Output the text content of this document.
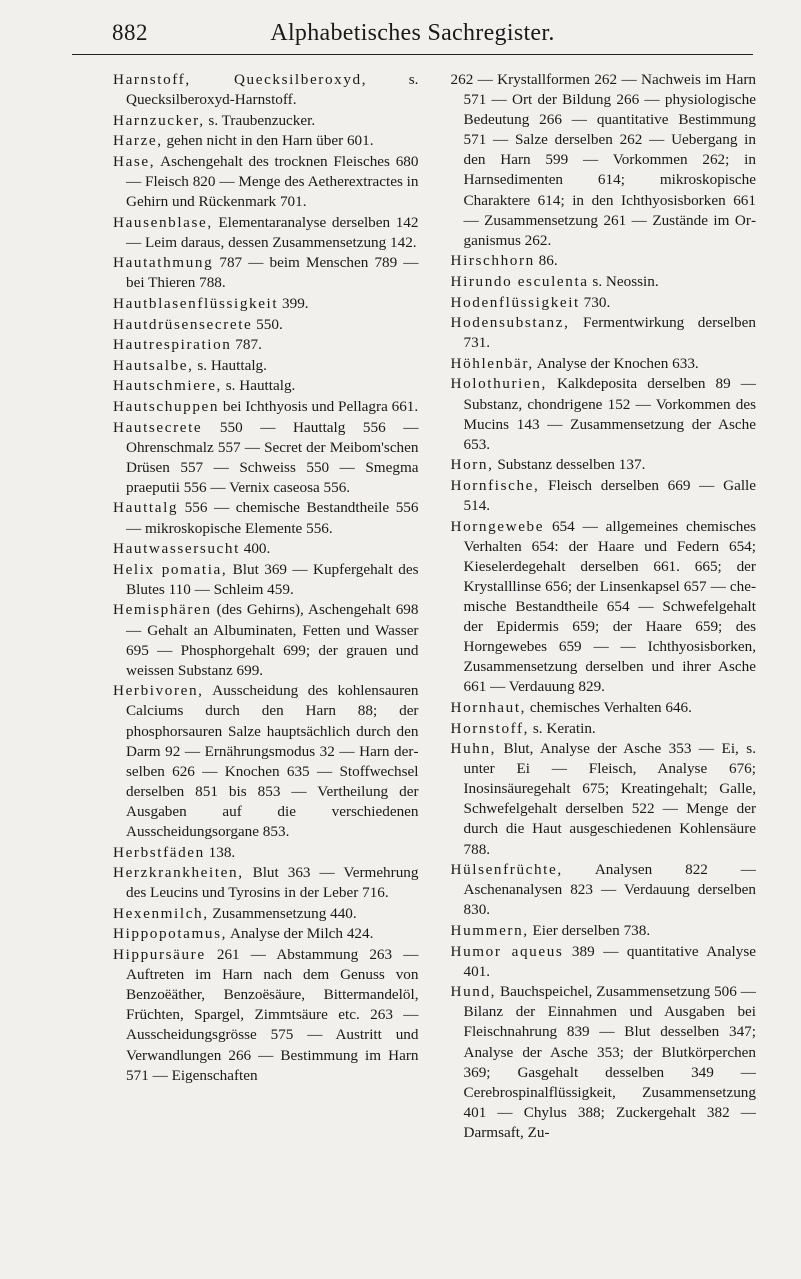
882	Alphabetisches Sachregister.

Harnstoff, Quecksilberoxyd, s. Quecksilberoxyd-Harnstoff.

Harnzucker, s. Traubenzucker.

Harze, gehen nicht in den Harn über 601.

Hase, Aschengehalt des trocknen Fleisches 680 — Fleisch 820 — Menge des Aetherextractes in Gehirn und Rückenmark 701.

Hausenblase, Elementaranalyse derselben 142 — Leim daraus, dessen Zusammensetzung 142.

Hautathmung 787 — beim Menschen 789 — bei Thieren 788.

Hautblasenflüssigkeit 399.

Hautdrüsensecrete 550.

Hautrespiration 787.

Hautsalbe, s. Hauttalg.

Hautschmiere, s. Hauttalg.

Hautschuppen bei Ichthyosis und Pellagra 661.

Hautsecrete 550 — Hauttalg 556 — Ohrenschmalz 557 — Secret der Meibom'schen Drüsen 557 — Schweiss 550 — Smegma praeputii 556 — Vernix caseosa 556.

Hauttalg 556 — chemische Bestandtheile 556 — mikroskopische Elemente 556.

Hautwassersucht 400.

Helix pomatia, Blut 369 — Kupfergehalt des Blutes 110 — Schleim 459.

Hemisphären (des Gehirns), Aschengehalt 698 — Gehalt an Albuminaten, Fetten und Wasser 695 — Phosphorgehalt 699; der grauen und weissen Substanz 699.

Herbivoren, Ausscheidung des kohlensauren Calciums durch den Harn 88; der phosphorsauren Salze hauptsächlich durch den Darm 92 — Ernährungsmodus 32 — Harn derselben 626 — Knochen 635 — Stoffwechsel derselben 851 bis 853 — Vertheilung der Ausgaben auf die verschiedenen Ausscheidungsorgane 853.

Herbstfäden 138.

Herzkrankheiten, Blut 363 — Vermehrung des Leucins und Tyrosins in der Leber 716.

Hexenmilch, Zusammensetzung 440.

Hippopotamus, Analyse der Milch 424.

Hippursäure 261 — Abstammung 263 — Auftreten im Harn nach dem Genuss von Benzoëäther, Benzoësäure, Bittermandelöl, Früchten, Spargel, Zimmtsäure etc. 263 — Ausscheidungsgrösse 575 — Austritt und Verwandlungen 266 — Bestimmung im Harn 571 — Eigenschaften

262 — Krystallformen 262 — Nachweis im Harn 571 — Ort der Bildung 266 — physiologische Bedeutung 266 — quantitative Bestimmung 571 — Salze derselben 262 — Uebergang in den Harn 599 — Vorkommen 262; in Harnsedimenten 614; mikroskopische Charaktere 614; in den Ichthyosisborken 661 — Zusammensetzung 261 — Zustände im Organismus 262.

Hirschhorn 86.

Hirundo esculenta s. Neossin.

Hodenflüssigkeit 730.

Hodensubstanz, Fermentwirkung derselben 731.

Höhlenbär, Analyse der Knochen 633.

Holothurien, Kalkdeposita derselben 89 — Substanz, chondrigene 152 — Vorkommen des Mucins 143 — Zusammensetzung der Asche 653.

Horn, Substanz desselben 137.

Hornfische, Fleisch derselben 669 — Galle 514.

Horngewebe 654 — allgemeines chemisches Verhalten 654: der Haare und Federn 654; Kieselerdegehalt derselben 661. 665; der Krystalllinse 656; der Linsenkapsel 657 — chemische Bestandtheile 654 — Schwefelgehalt der Epidermis 659; der Haare 659; des Horngewebes 659 — — Ichthyosisborken, Zusammensetzung derselben und ihrer Asche 661 — Verdauung 829.

Hornhaut, chemisches Verhalten 646.

Hornstoff, s. Keratin.

Huhn, Blut, Analyse der Asche 353 — Ei, s. unter Ei — Fleisch, Analyse 676; Inosinsäuregehalt 675; Kreatingehalt; Galle, Schwefelgehalt derselben 522 — Menge der durch die Haut ausgeschiedenen Kohlensäure 788.

Hülsenfrüchte, Analysen 822 — Aschenanalysen 823 — Verdauung derselben 830.

Hummern, Eier derselben 738.

Humor aqueus 389 — quantitative Analyse 401.

Hund, Bauchspeichel, Zusammensetzung 506 — Bilanz der Einnahmen und Ausgaben bei Fleischnahrung 839 — Blut desselben 347; Analyse der Asche 353; der Blutkörperchen 369; Gasgehalt desselben 349 — Cerebrospinalflüssigkeit, Zusammensetzung 401 — Chylus 388; Zuckergehalt 382 — Darmsaft, Zu-
